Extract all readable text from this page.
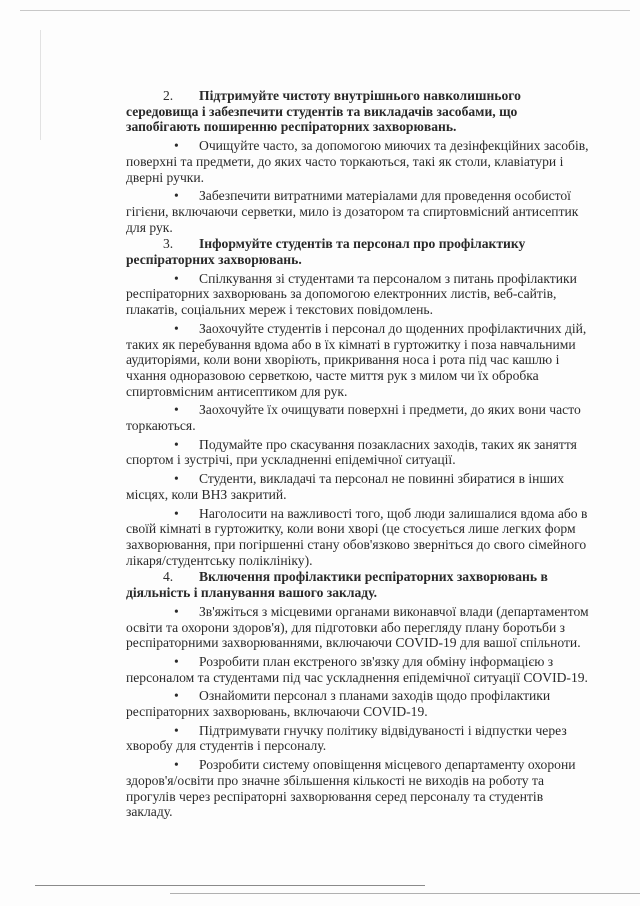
2. Підтримуйте чистоту внутрішнього навколишнього
середовища і забезпечити студентів та викладачів засобами, що
запобігають поширенню респіраторних захворювань.
• Очищуйте часто, за допомогою миючих та дезінфекційних засобів,
поверхні та предмети, до яких часто торкаються, такі як столи, клавіатури і
дверні ручки.
• Забезпечити витратними матеріалами для проведення особистої
гігієни, включаючи серветки, мило із дозатором та спиртовмісний антисептик
для рук.
3. Інформуйте студентів та персонал про профілактику
респіраторних захворювань.
• Спілкування зі студентами та персоналом з питань профілактики
респіраторних захворювань за допомогою електронних листів, веб-сайтів,
плакатів, соціальних мереж і текстових повідомлень.
• Заохочуйте студентів і персонал до щоденних профілактичних дій,
таких як перебування вдома або в їх кімнаті в гуртожитку і поза навчальними
аудиторіями, коли вони хворіють, прикривання носа і рота під час кашлю і
чхання одноразовою серветкою, часте миття рук з милом чи їх обробка
спиртовмісним антисептиком для рук.
• Заохочуйте їх очищувати поверхні і предмети, до яких вони часто
торкаються.
• Подумайте про скасування позакласних заходів, таких як заняття
спортом і зустрічі, при ускладненні епідемічної ситуації.
• Студенти, викладачі та персонал не повинні збиратися в інших
місцях, коли ВНЗ закритий.
• Наголосити на важливості того, щоб люди залишалися вдома або в
своїй кімнаті в гуртожитку, коли вони хворі (це стосується лише легких форм
захворювання, при погіршенні стану обов'язково зверніться до свого сімейного
лікаря/студентську поліклініку).
4. Включення профілактики респіраторних захворювань в
діяльність і планування вашого закладу.
• Зв'яжіться з місцевими органами виконавчої влади (департаментом
освіти та охорони здоров'я), для підготовки або перегляду плану боротьби з
респіраторними захворюваннями, включаючи COVID-19 для вашої спільноти.
• Розробити план екстреного зв'язку для обміну інформацією з
персоналом та студентами під час ускладнення епідемічної ситуації COVID-19.
• Ознайомити персонал з планами заходів щодо профілактики
респіраторних захворювань, включаючи COVID-19.
• Підтримувати гнучку політику відвідуваності і відпустки через
хворобу для студентів і персоналу.
• Розробити систему оповіщення місцевого департаменту охорони
здоров'я/освіти про значне збільшення кількості не виходів на роботу та
прогулів через респіраторні захворювання серед персоналу та студентів
закладу.
